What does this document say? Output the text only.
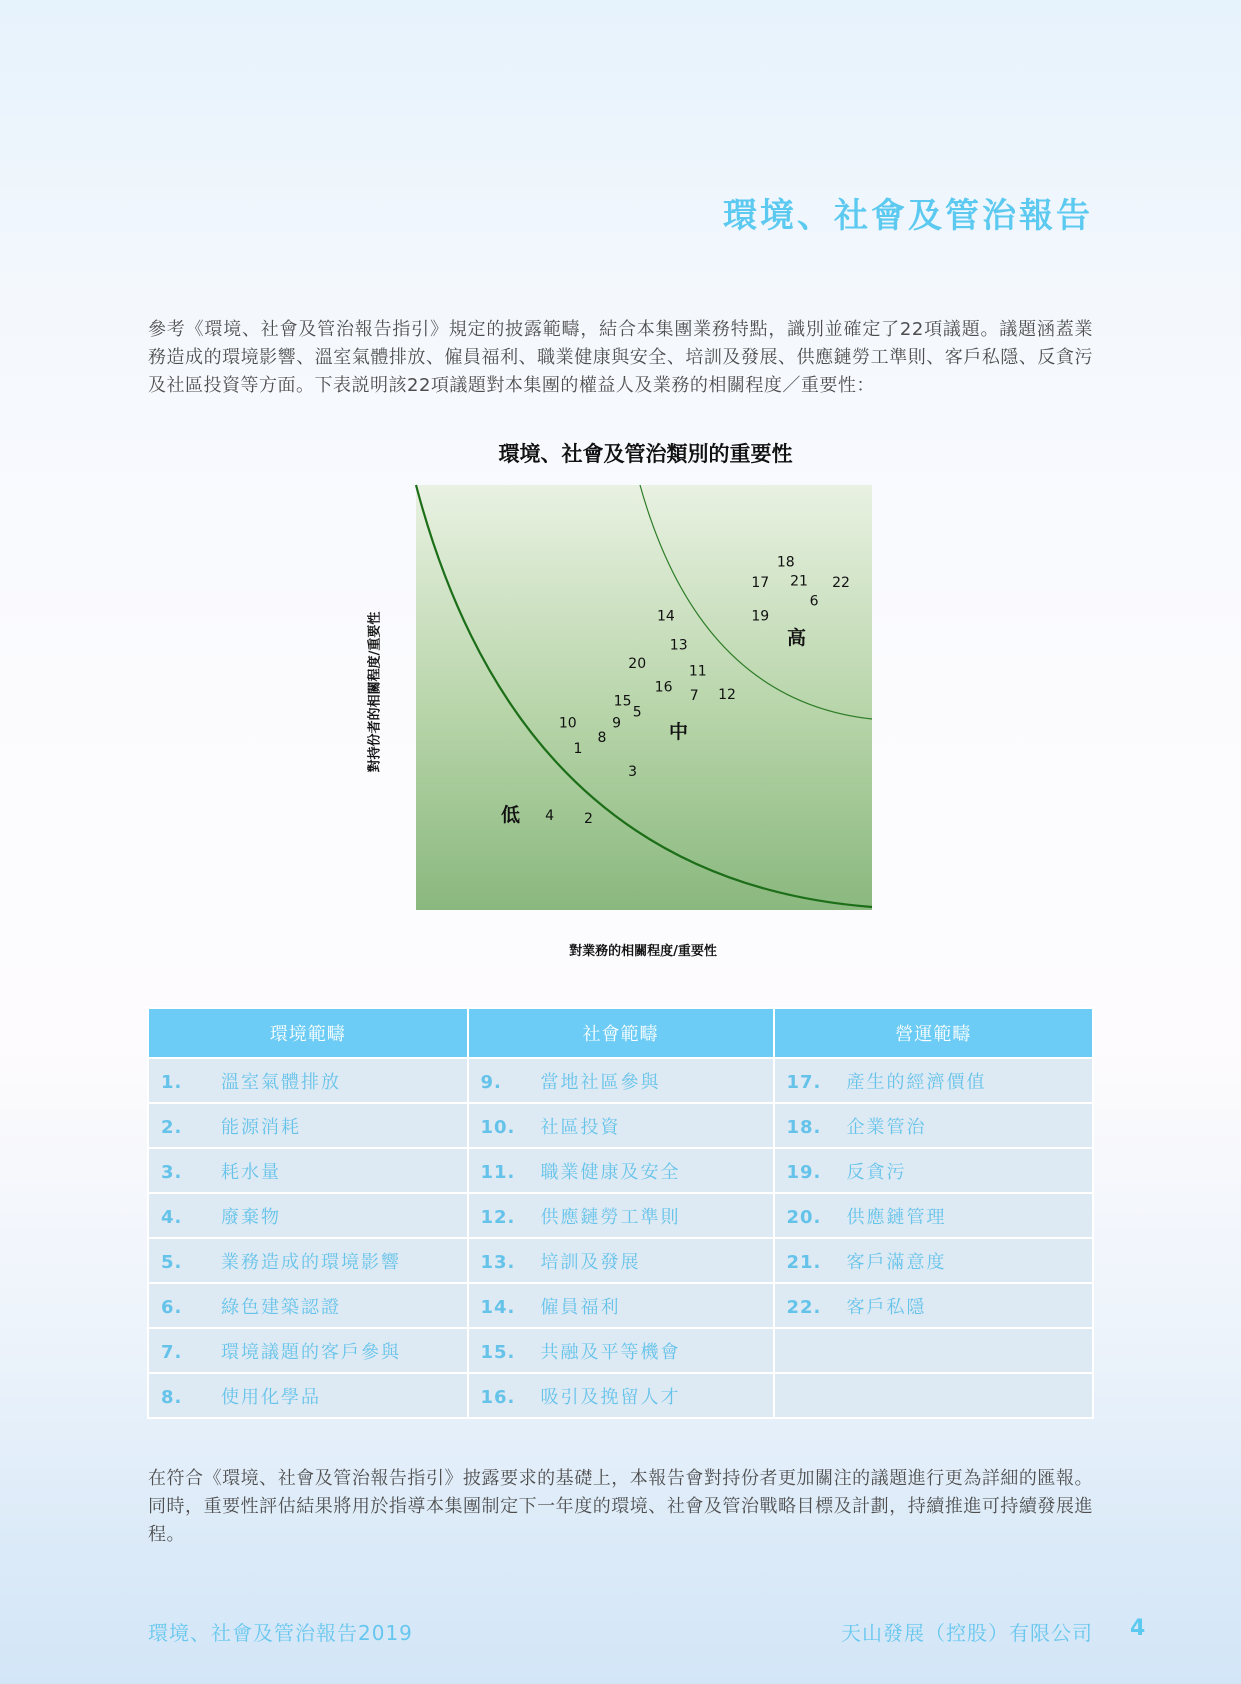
環境、社會及管治報告
參考《環境、社會及管治報告指引》規定的披露範疇，結合本集團業務特點，識別並確定了22項議題。議題涵蓋業務造成的環境影響、溫室氣體排放、僱員福利、職業健康與安全、培訓及發展、供應鏈勞工準則、客戶私隱、反貪污及社區投資等方面。下表説明該22項議題對本集團的權益人及業務的相關程度／重要性：
環境、社會及管治類別的重要性
1
2
3
4
5
6
7
8
9
10
11
12
13
14
15
16
17
18
19
21
20
22
低
中
高
對持份者的相關程度/重要性
對業務的相關程度/重要性
環境範疇	社會範疇	營運範疇
1. 溫室氣體排放	9. 當地社區參與	17. 產生的經濟價值
2. 能源消耗	10. 社區投資	18. 企業管治
3. 耗水量	11. 職業健康及安全	19. 反貪污
4. 廢棄物	12. 供應鏈勞工準則	20. 供應鏈管理
5. 業務造成的環境影響	13. 培訓及發展	21. 客戶滿意度
6. 綠色建築認證	14. 僱員福利	22. 客戶私隱
7. 環境議題的客戶參與	15. 共融及平等機會	
8. 使用化學品	16. 吸引及挽留人才	
在符合《環境、社會及管治報告指引》披露要求的基礎上，本報告會對持份者更加關注的議題進行更為詳細的匯報。同時，重要性評估結果將用於指導本集團制定下一年度的環境、社會及管治戰略目標及計劃，持續推進可持續發展進程。
環境、社會及管治報告2019	天山發展（控股）有限公司 4
